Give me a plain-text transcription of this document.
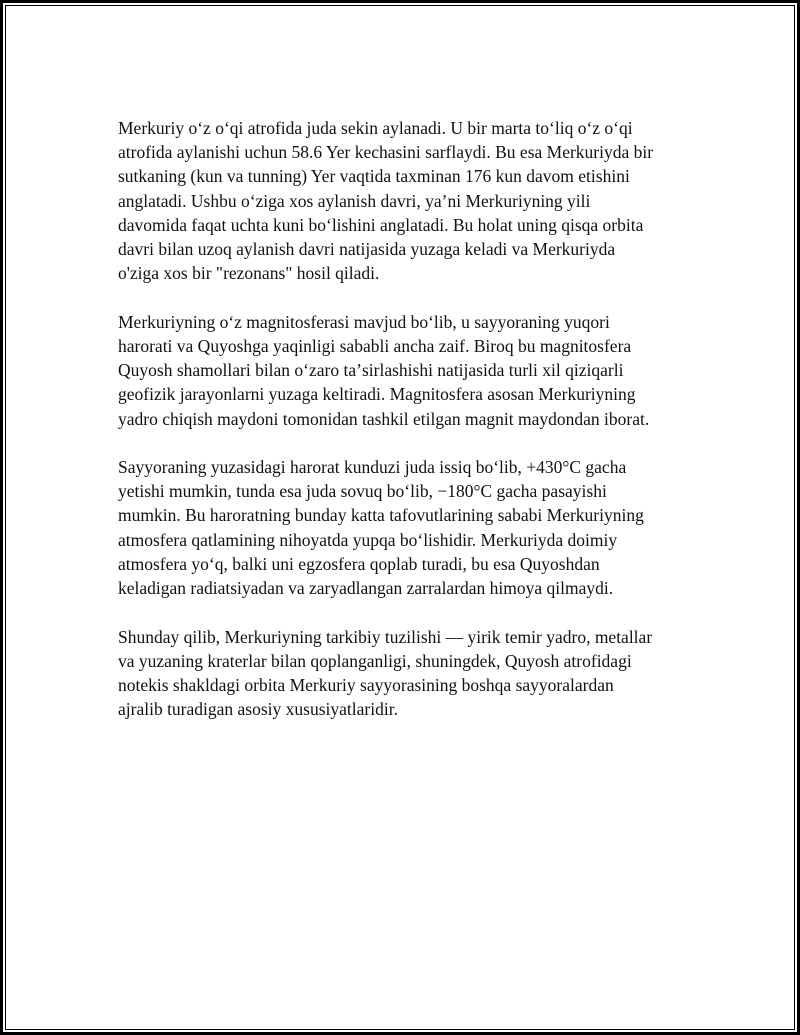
Merkuriy oʻz oʻqi atrofida juda sekin aylanadi. U bir marta toʻliq oʻz oʻqi
atrofida aylanishi uchun 58.6 Yer kechasini sarflaydi. Bu esa Merkuriyda bir
sutkaning (kun va tunning) Yer vaqtida taxminan 176 kun davom etishini
anglatadi. Ushbu oʻziga xos aylanish davri, yaʼni Merkuriyning yili
davomida faqat uchta kuni boʻlishini anglatadi. Bu holat uning qisqa orbita
davri bilan uzoq aylanish davri natijasida yuzaga keladi va Merkuriyda
o'ziga xos bir "rezonans" hosil qiladi.
Merkuriyning oʻz magnitosferasi mavjud boʻlib, u sayyoraning yuqori
harorati va Quyoshga yaqinligi sababli ancha zaif. Biroq bu magnitosfera
Quyosh shamollari bilan oʻzaro taʼsirlashishi natijasida turli xil qiziqarli
geofizik jarayonlarni yuzaga keltiradi. Magnitosfera asosan Merkuriyning
yadro chiqish maydoni tomonidan tashkil etilgan magnit maydondan iborat.
Sayyoraning yuzasidagi harorat kunduzi juda issiq boʻlib, +430°C gacha
yetishi mumkin, tunda esa juda sovuq boʻlib, −180°C gacha pasayishi
mumkin. Bu haroratning bunday katta tafovutlarining sababi Merkuriyning
atmosfera qatlamining nihoyatda yupqa boʻlishidir. Merkuriyda doimiy
atmosfera yoʻq, balki uni egzosfera qoplab turadi, bu esa Quyoshdan
keladigan radiatsiyadan va zaryadlangan zarralardan himoya qilmaydi.
Shunday qilib, Merkuriyning tarkibiy tuzilishi — yirik temir yadro, metallar
va yuzaning kraterlar bilan qoplanganligi, shuningdek, Quyosh atrofidagi
notekis shakldagi orbita Merkuriy sayyorasining boshqa sayyoralardan
ajralib turadigan asosiy xususiyatlaridir.
